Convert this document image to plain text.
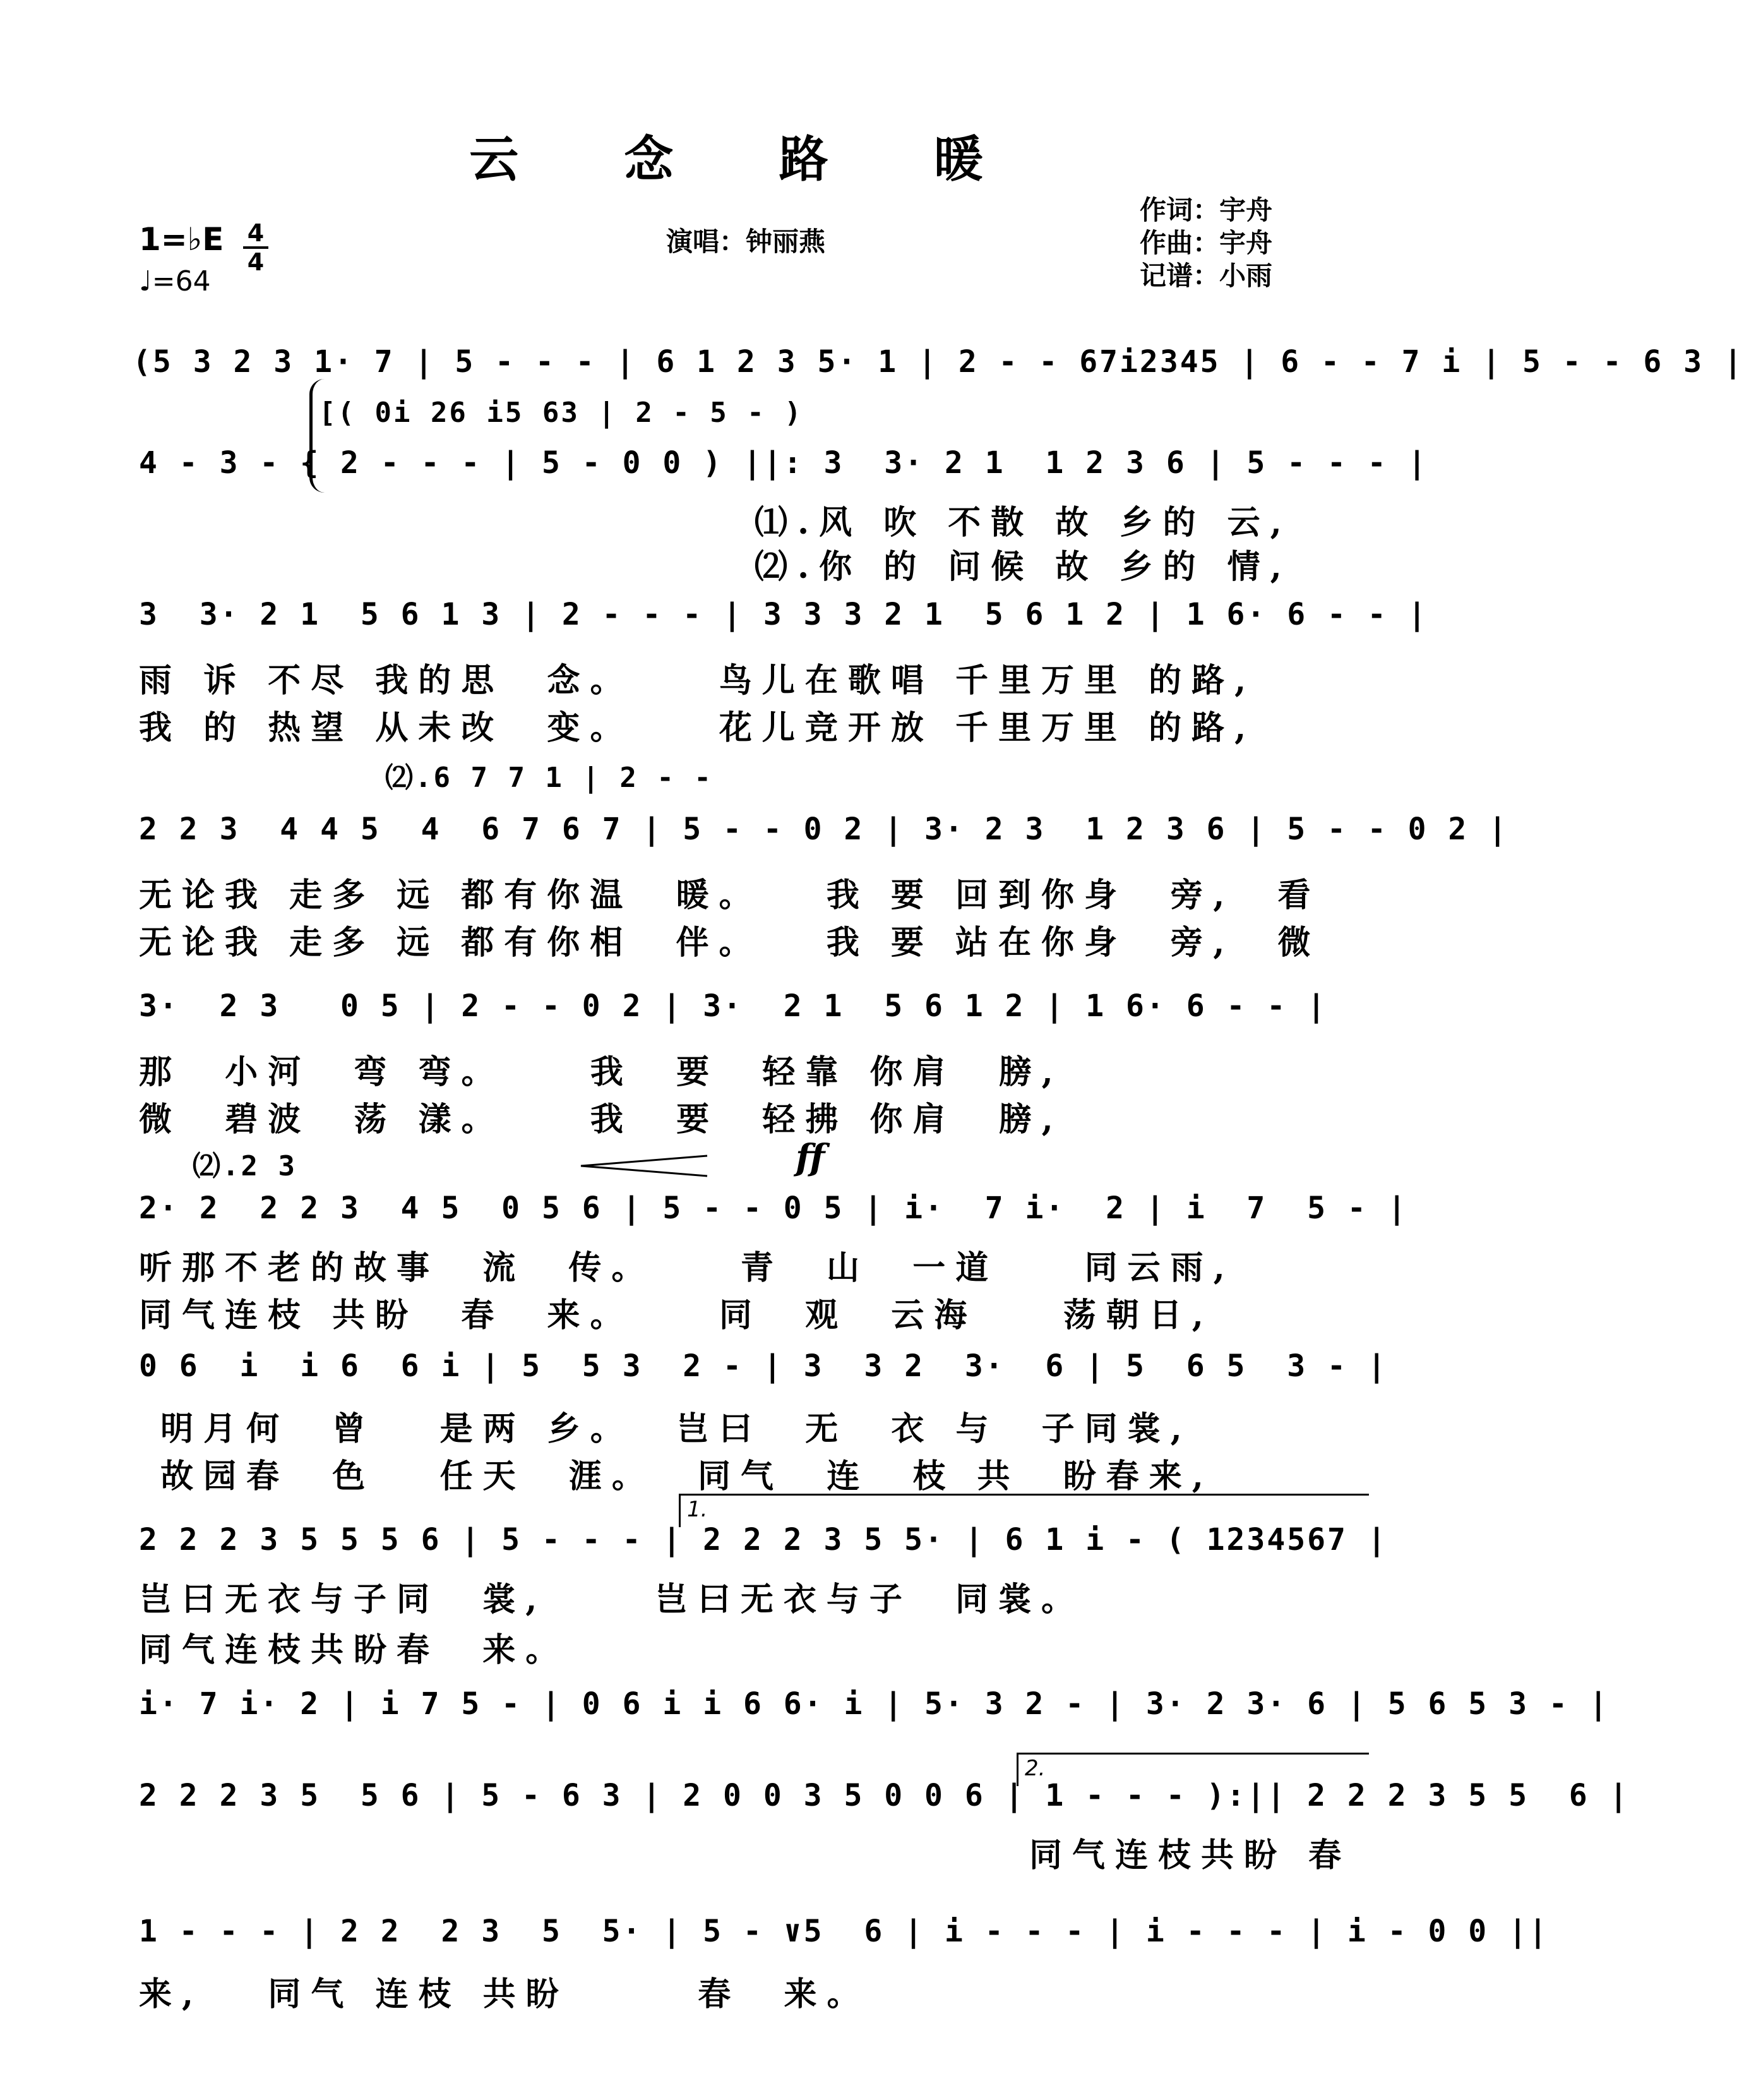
云 念 路 暖
1=♭E 4
4
♩=64
演唱：钟丽燕
作词：宇舟
作曲：宇舟
记谱：小雨
(5 3 2 3 1· 7 | 5 - - - | 6 1 2 3 5· 1 | 2 - - 67i2345 | 6 - - 7 i | 5 - - 6 3 |
[( 0i 26 i5 63 | 2 - 5 - )
4 - 3 - { 2 - - - | 5 - 0 0 ) ||: 3  3· 2 1  1 2 3 6 | 5 - - - |
⑴.风 吹 不散 故 乡的 云,
⑵.你 的 问候 故 乡的 情,
3  3· 2 1  5 6 1 3 | 2 - - - | 3 3 3 2 1  5 6 1 2 | 1 6· 6 - - |
雨 诉 不尽 我的思  念。    鸟儿在歌唱 千里万里 的路,
我 的 热望 从未改  变。    花儿竞开放 千里万里 的路,
⑵.6 7 7 1 | 2 - -
2 2 3  4 4 5  4  6 7 6 7 | 5 - - 0 2 | 3· 2 3  1 2 3 6 | 5 - - 0 2 |
无论我 走多 远 都有你温  暖。   我 要 回到你身  旁,  看
无论我 走多 远 都有你相  伴。   我 要 站在你身  旁,  微
3·  2 3   0 5 | 2 - - 0 2 | 3·  2 1  5 6 1 2 | 1 6· 6 - - |
那  小河  弯 弯。    我  要  轻靠 你肩  膀,
微  碧波  荡 漾。    我  要  轻拂 你肩  膀,
⑵.2 3	ff
2· 2  2 2 3  4 5  0 5 6 | 5 - - 0 5 | i·  7 i·  2 | i  7  5 - |
听那不老的故事  流  传。    青  山  一道    同云雨,
同气连枝 共盼  春  来。    同  观  云海    荡朝日,
0 6  i  i 6  6 i | 5  5 3  2 - | 3  3 2  3·  6 | 5  6 5  3 - |
明月何  曾   是两 乡。  岂曰  无  衣 与  子同裳,
故园春  色   任天  涯。  同气  连  枝 共  盼春来,
1.
2 2 2 3 5 5 5 6 | 5 - - - | 2 2 2 3 5 5· | 6 1 i - ( 1234567 |
岂曰无衣与子同  裳,     岂曰无衣与子  同裳。
同气连枝共盼春  来。
i· 7 i· 2 | i 7 5 - | 0 6 i i 6 6· i | 5· 3 2 - | 3· 2 3· 6 | 5 6 5 3 - |
2.
2 2 2 3 5  5 6 | 5 - 6 3 | 2 0 0 3 5 0 0 6 | 1 - - - ):|| 2 2 2 3 5 5  6 |
同气连枝共盼 春
1 - - - | 2 2  2 3  5  5· | 5 - ∨5  6 | i - - - | i - - - | i - 0 0 ||
来,   同气 连枝 共盼      春  来。
